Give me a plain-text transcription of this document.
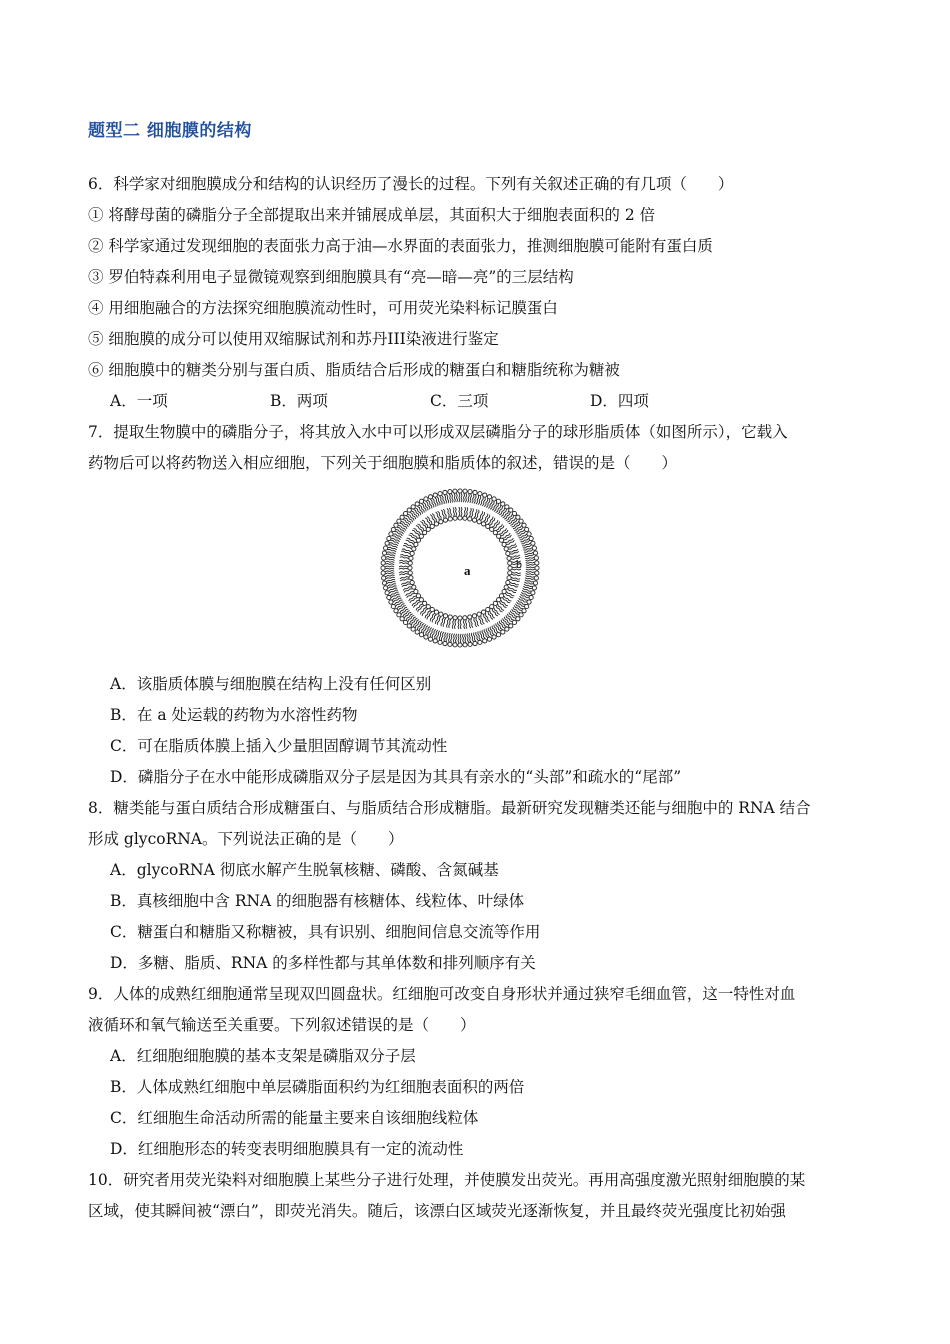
题型二 细胞膜的结构
6．科学家对细胞膜成分和结构的认识经历了漫长的过程。下列有关叙述正确的有几项（　　）
① 将酵母菌的磷脂分子全部提取出来并铺展成单层，其面积大于细胞表面积的 2 倍
② 科学家通过发现细胞的表面张力高于油—水界面的表面张力，推测细胞膜可能附有蛋白质
③ 罗伯特森利用电子显微镜观察到细胞膜具有“亮—暗—亮”的三层结构
④ 用细胞融合的方法探究细胞膜流动性时，可用荧光染料标记膜蛋白
⑤ 细胞膜的成分可以使用双缩脲试剂和苏丹III染液进行鉴定
⑥ 细胞膜中的糖类分别与蛋白质、脂质结合后形成的糖蛋白和糖脂统称为糖被
A．一项	B．两项	C．三项	D．四项
7．提取生物膜中的磷脂分子，将其放入水中可以形成双层磷脂分子的球形脂质体（如图所示），它载入
药物后可以将药物送入相应细胞，下列关于细胞膜和脂质体的叙述，错误的是（　　）
a	b
A．该脂质体膜与细胞膜在结构上没有任何区别
B．在 a 处运载的药物为水溶性药物
C．可在脂质体膜上插入少量胆固醇调节其流动性
D．磷脂分子在水中能形成磷脂双分子层是因为其具有亲水的“头部”和疏水的“尾部”
8．糖类能与蛋白质结合形成糖蛋白、与脂质结合形成糖脂。最新研究发现糖类还能与细胞中的 RNA 结合
形成 glycoRNA。下列说法正确的是（　　）
A．glycoRNA 彻底水解产生脱氧核糖、磷酸、含氮碱基
B．真核细胞中含 RNA 的细胞器有核糖体、线粒体、叶绿体
C．糖蛋白和糖脂又称糖被，具有识别、细胞间信息交流等作用
D．多糖、脂质、RNA 的多样性都与其单体数和排列顺序有关
9．人体的成熟红细胞通常呈现双凹圆盘状。红细胞可改变自身形状并通过狭窄毛细血管，这一特性对血
液循环和氧气输送至关重要。下列叙述错误的是（　　）
A．红细胞细胞膜的基本支架是磷脂双分子层
B．人体成熟红细胞中单层磷脂面积约为红细胞表面积的两倍
C．红细胞生命活动所需的能量主要来自该细胞线粒体
D．红细胞形态的转变表明细胞膜具有一定的流动性
10．研究者用荧光染料对细胞膜上某些分子进行处理，并使膜发出荧光。再用高强度激光照射细胞膜的某
区域，使其瞬间被“漂白”，即荧光消失。随后，该漂白区域荧光逐渐恢复，并且最终荧光强度比初始强
